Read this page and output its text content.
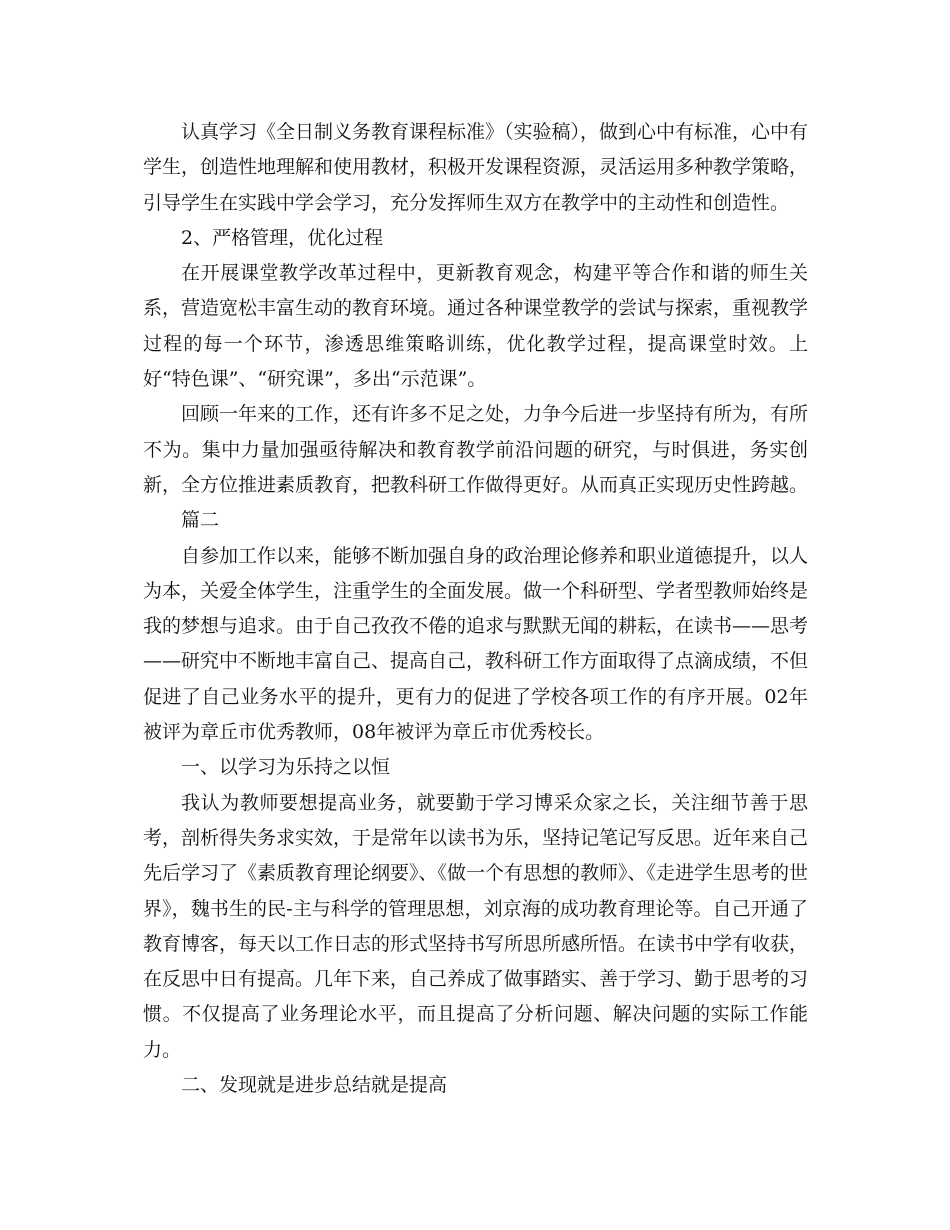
认真学习《全日制义务教育课程标准》（实验稿），做到心中有标准，心中有学生，创造性地理解和使用教材，积极开发课程资源，灵活运用多种教学策略，引导学生在实践中学会学习，充分发挥师生双方在教学中的主动性和创造性。

2、严格管理，优化过程

在开展课堂教学改革过程中，更新教育观念，构建平等合作和谐的师生关系，营造宽松丰富生动的教育环境。通过各种课堂教学的尝试与探索，重视教学过程的每一个环节，渗透思维策略训练，优化教学过程，提高课堂时效。上好“特色课”、“研究课”，多出“示范课”。

回顾一年来的工作，还有许多不足之处，力争今后进一步坚持有所为，有所不为。集中力量加强亟待解决和教育教学前沿问题的研究，与时俱进，务实创新，全方位推进素质教育，把教科研工作做得更好。从而真正实现历史性跨越。

篇二

自参加工作以来，能够不断加强自身的政治理论修养和职业道德提升，以人为本，关爱全体学生，注重学生的全面发展。做一个科研型、学者型教师始终是我的梦想与追求。由于自己孜孜不倦的追求与默默无闻的耕耘，在读书——思考——研究中不断地丰富自己、提高自己，教科研工作方面取得了点滴成绩，不但促进了自己业务水平的提升，更有力的促进了学校各项工作的有序开展。02年被评为章丘市优秀教师，08年被评为章丘市优秀校长。

一、以学习为乐持之以恒

我认为教师要想提高业务，就要勤于学习博采众家之长，关注细节善于思考，剖析得失务求实效，于是常年以读书为乐，坚持记笔记写反思。近年来自己先后学习了《素质教育理论纲要》、《做一个有思想的教师》、《走进学生思考的世界》，魏书生的民-主与科学的管理思想，刘京海的成功教育理论等。自己开通了教育博客，每天以工作日志的形式坚持书写所思所感所悟。在读书中学有收获，在反思中日有提高。几年下来，自己养成了做事踏实、善于学习、勤于思考的习惯。不仅提高了业务理论水平，而且提高了分析问题、解决问题的实际工作能力。

二、发现就是进步总结就是提高
